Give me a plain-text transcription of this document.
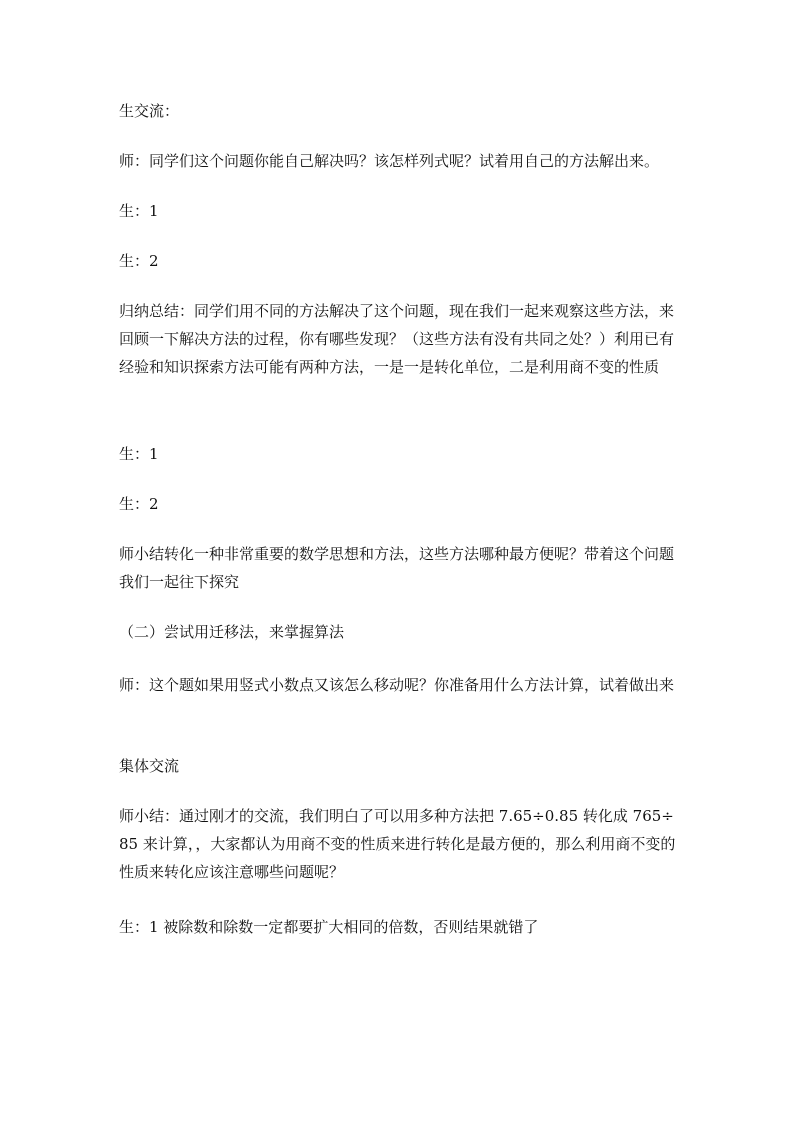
生交流：

师：同学们这个问题你能自己解决吗？该怎样列式呢？试着用自己的方法解出来。

生：1

生：2

归纳总结：同学们用不同的方法解决了这个问题，现在我们一起来观察这些方法，来回顾一下解决方法的过程，你有哪些发现？（这些方法有没有共同之处？）利用已有经验和知识探索方法可能有两种方法，一是一是转化单位，二是利用商不变的性质

生：1

生：2

师小结转化一种非常重要的数学思想和方法，这些方法哪种最方便呢？带着这个问题我们一起往下探究

（二）尝试用迁移法，来掌握算法

师：这个题如果用竖式小数点又该怎么移动呢？你准备用什么方法计算，试着做出来

集体交流

师小结：通过刚才的交流，我们明白了可以用多种方法把 7.65÷0.85 转化成 765÷85 来计算，，大家都认为用商不变的性质来进行转化是最方便的，那么利用商不变的性质来转化应该注意哪些问题呢？

生：1 被除数和除数一定都要扩大相同的倍数，否则结果就错了
